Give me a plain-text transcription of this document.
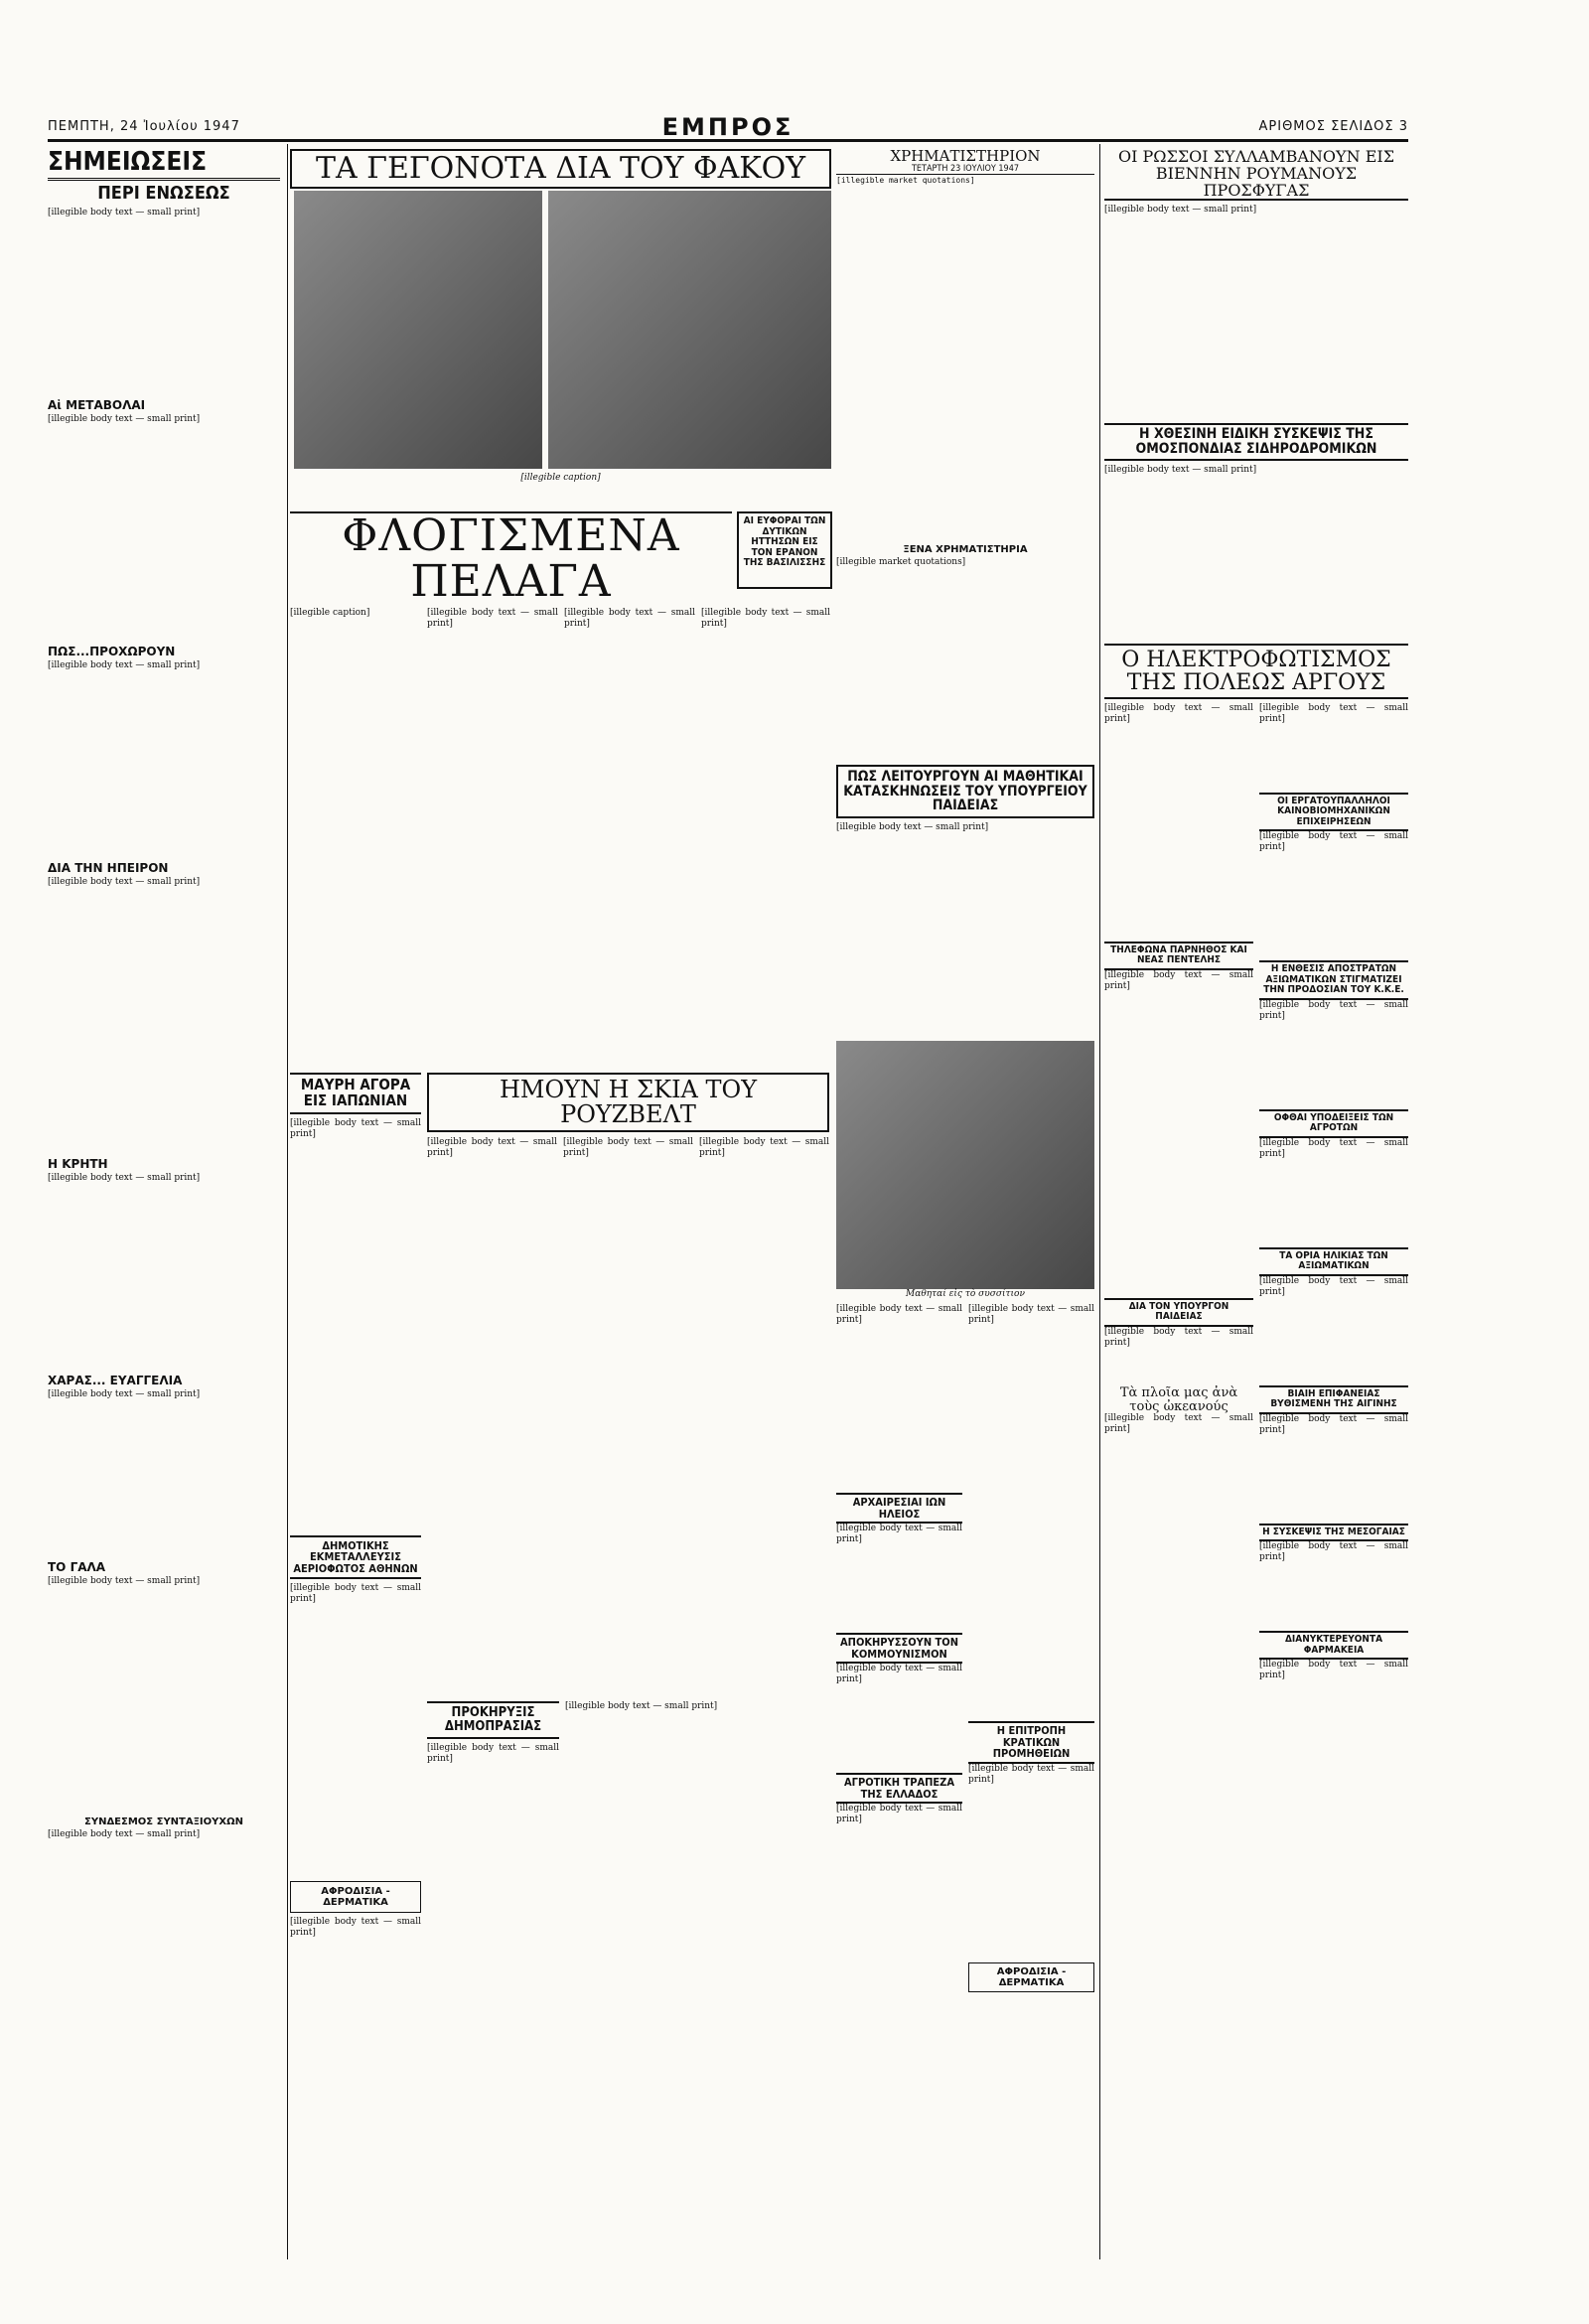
ΠΕΜΠΤΗ, 24 Ἰουλίου 1947	ΕΜΠΡΟΣ	ΑΡΙΘΜΟΣ ΣΕΛΙΔΟΣ 3
ΣΗΜΕΙΩΣΕΙΣ
ΠΕΡΙ ΕΝΩΣΕΩΣ

[illegible body text — small print]

Αἱ ΜΕΤΑΒΟΛΑΙ

[illegible body text — small print]

ΠΩΣ...ΠΡΟΧΩΡΟΥΝ

[illegible body text — small print]

ΔΙΑ ΤΗΝ ΗΠΕΙΡΟΝ

[illegible body text — small print]

Η ΚΡΗΤΗ

[illegible body text — small print]

ΧΑΡΑΣ... ΕΥΑΓΓΕΛΙΑ

[illegible body text — small print]

ΤΟ ΓΑΛΑ

[illegible body text — small print]

ΣΥΝΔΕΣΜΟΣ ΣΥΝΤΑΞΙΟΥΧΩΝ

[illegible body text — small print]

ΤΑ ΓΕΓΟΝΟΤΑ ΔΙΑ ΤΟΥ ΦΑΚΟΥ

[illegible caption]

ΦΛΟΓΙΣΜΕΝΑ ΠΕΛΑΓΑ
ΑΙ ΕΥΦΟΡΑΙ ΤΩΝ ΔΥΤΙΚΩΝ ΗΤΤΗΣΩΝ ΕΙΣ ΤΟΝ ΕΡΑΝΟΝ ΤΗΣ ΒΑΣΙΛΙΣΣΗΣ

[illegible caption]	[illegible body text — small print]

[illegible body text — small print]

[illegible body text — small print]

ΜΑΥΡΗ ΑΓΟΡΑ ΕΙΣ ΙΑΠΩΝΙΑΝ

[illegible body text — small print]

ΔΗΜΟΤΙΚΗΣ ΕΚΜΕΤΑΛΛΕΥΣΙΣ ΑΕΡΙΟΦΩΤΟΣ ΑΘΗΝΩΝ

[illegible body text — small print]

ΑΦΡΟΔΙΣΙΑ - ΔΕΡΜΑΤΙΚΑ

[illegible body text — small print]

ΗΜΟΥΝ Η ΣΚΙΑ ΤΟΥ ΡΟΥΖΒΕΛΤ

[illegible body text — small print]

[illegible body text — small print]

[illegible body text — small print]

ΠΡΟΚΗΡΥΞΙΣ ΔΗΜΟΠΡΑΣΙΑΣ

[illegible body text — small print]

[illegible body text — small print]

ΧΡΗΜΑΤΙΣΤΗΡΙΟΝ
ΤΕΤΑΡΤΗ 23 ΙΟΥΛΙΟΥ 1947

[illegible market quotations]

ΞΕΝΑ ΧΡΗΜΑΤΙΣΤΗΡΙΑ

[illegible market quotations]

ΠΩΣ ΛΕΙΤΟΥΡΓΟΥΝ ΑΙ ΜΑΘΗΤΙΚΑΙ ΚΑΤΑΣΚΗΝΩΣΕΙΣ ΤΟΥ ΥΠΟΥΡΓΕΙΟΥ ΠΑΙΔΕΙΑΣ

[illegible body text — small print]

Μαθηταί εἰς τὸ συσσίτιον

[illegible body text — small print]

ΑΡΧΑΙΡΕΣΙΑΙ ΙΩΝ ΗΛΕΙΟΣ

[illegible body text — small print]

ΑΠΟΚΗΡΥΣΣΟΥΝ ΤΟΝ ΚΟΜΜΟΥΝΙΣΜΟΝ

[illegible body text — small print]

ΑΓΡΟΤΙΚΗ ΤΡΑΠΕΖΑ ΤΗΣ ΕΛΛΑΔΟΣ

[illegible body text — small print]

[illegible body text — small print]

Η ΕΠΙΤΡΟΠΗ ΚΡΑΤΙΚΩΝ ΠΡΟΜΗΘΕΙΩΝ

[illegible body text — small print]

ΑΦΡΟΔΙΣΙΑ - ΔΕΡΜΑΤΙΚΑ
ΟΙ ΡΩΣΣΟΙ ΣΥΛΛΑΜΒΑΝΟΥΝ ΕΙΣ ΒΙΕΝΝΗΝ ΡΟΥΜΑΝΟΥΣ ΠΡΟΣΦΥΓΑΣ

[illegible body text — small print]

Η ΧΘΕΣΙΝΗ ΕΙΔΙΚΗ ΣΥΣΚΕΨΙΣ ΤΗΣ ΟΜΟΣΠΟΝΔΙΑΣ ΣΙΔΗΡΟΔΡΟΜΙΚΩΝ

[illegible body text — small print]

Ο ΗΛΕΚΤΡΟΦΩΤΙΣΜΟΣ ΤΗΣ ΠΟΛΕΩΣ ΑΡΓΟΥΣ

[illegible body text — small print]

ΤΗΛΕΦΩΝΑ ΠΑΡΝΗΘΟΣ ΚΑΙ ΝΕΑΣ ΠΕΝΤΕΛΗΣ

[illegible body text — small print]

ΔΙΑ ΤΟΝ ΥΠΟΥΡΓΟΝ ΠΑΙΔΕΙΑΣ

[illegible body text — small print]

Τὰ πλοῖα μας ἀνὰ τοὺς ὠκεανούς

[illegible body text — small print]

[illegible body text — small print]

ΟΙ ΕΡΓΑΤΟΥΠΑΛΛΗΛΟΙ ΚΑΙΝΟΒΙΟΜΗΧΑΝΙΚΩΝ ΕΠΙΧΕΙΡΗΣΕΩΝ

[illegible body text — small print]

Η ΕΝΘΕΣΙΣ ΑΠΟΣΤΡΑΤΩΝ ΑΞΙΩΜΑΤΙΚΩΝ ΣΤΙΓΜΑΤΙΖΕΙ ΤΗΝ ΠΡΟΔΟΣΙΑΝ ΤΟΥ Κ.Κ.Ε.

[illegible body text — small print]

ΟΦΘΑΙ ΥΠΟΔΕΙΞΕΙΣ ΤΩΝ ΑΓΡΟΤΩΝ

[illegible body text — small print]

ΤΑ ΟΡΙΑ ΗΛΙΚΙΑΣ ΤΩΝ ΑΞΙΩΜΑΤΙΚΩΝ

[illegible body text — small print]

ΒΙΑΙΗ ΕΠΙΦΑΝΕΙΑΣ ΒΥΘΙΣΜΕΝΗ ΤΗΣ ΑΙΓΙΝΗΣ

[illegible body text — small print]

Η ΣΥΣΚΕΨΙΣ ΤΗΣ ΜΕΣΟΓΑΙΑΣ

[illegible body text — small print]

ΔΙΑΝΥΚΤΕΡΕΥΟΝΤΑ ΦΑΡΜΑΚΕΙΑ

[illegible body text — small print]
